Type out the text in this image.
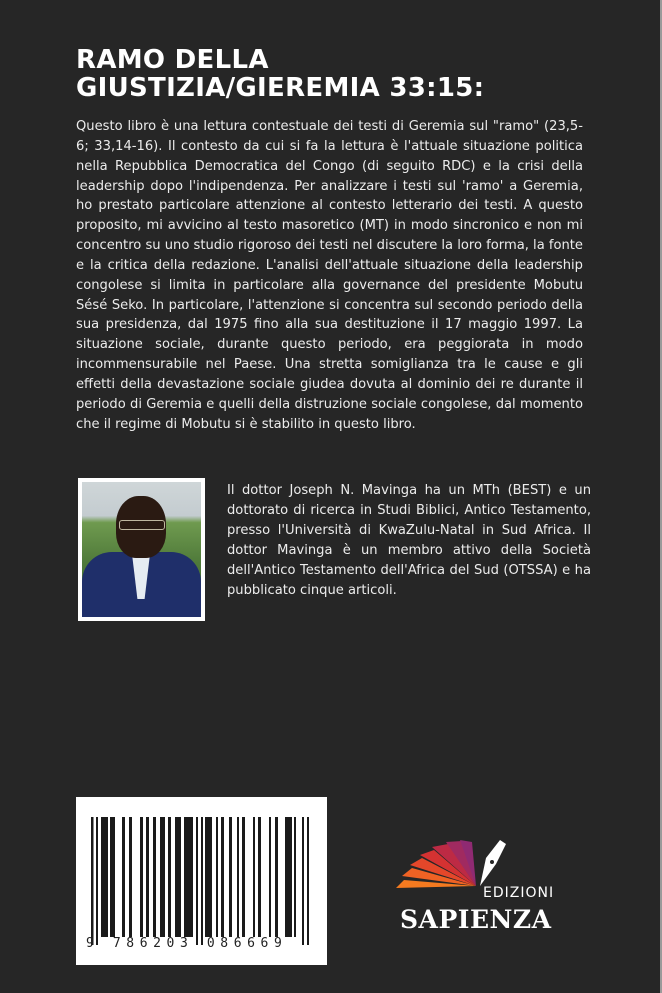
RAMO DELLA
GIUSTIZIA/GIEREMIA 33:15:
Questo libro è una lettura contestuale dei testi di Geremia sul "ramo" (23,5-6; 33,14-16). Il contesto da cui si fa la lettura è l'attuale situazione politica nella Repubblica Democratica del Congo (di seguito RDC) e la crisi della leadership dopo l'indipendenza. Per analizzare i testi sul 'ramo' a Geremia, ho prestato particolare attenzione al contesto letterario dei testi. A questo proposito, mi avvicino al testo masoretico (MT) in modo sincronico e non mi concentro su uno studio rigoroso dei testi nel discutere la loro forma, la fonte e la critica della redazione. L'analisi dell'attuale situazione della leadership congolese si limita in particolare alla governance del presidente Mobutu Sésé Seko. In particolare, l'attenzione si concentra sul secondo periodo della sua presidenza, dal 1975 fino alla sua destituzione il 17 maggio 1997. La situazione sociale, durante questo periodo, era peggiorata in modo incommensurabile nel Paese. Una stretta somiglianza tra le cause e gli effetti della devastazione sociale giudea dovuta al dominio dei re durante il periodo di Geremia e quelli della distruzione sociale congolese, dal momento che il regime di Mobutu si è stabilito in questo libro.
Il dottor Joseph N. Mavinga ha un MTh (BEST) e un dottorato di ricerca in Studi Biblici, Antico Testamento, presso l'Università di KwaZulu-Natal in Sud Africa. Il dottor Mavinga è un membro attivo della Società dell'Antico Testamento dell'Africa del Sud (OTSSA) e ha pubblicato cinque articoli.
9 786203 086669
EDIZIONI
SAPIENZA
